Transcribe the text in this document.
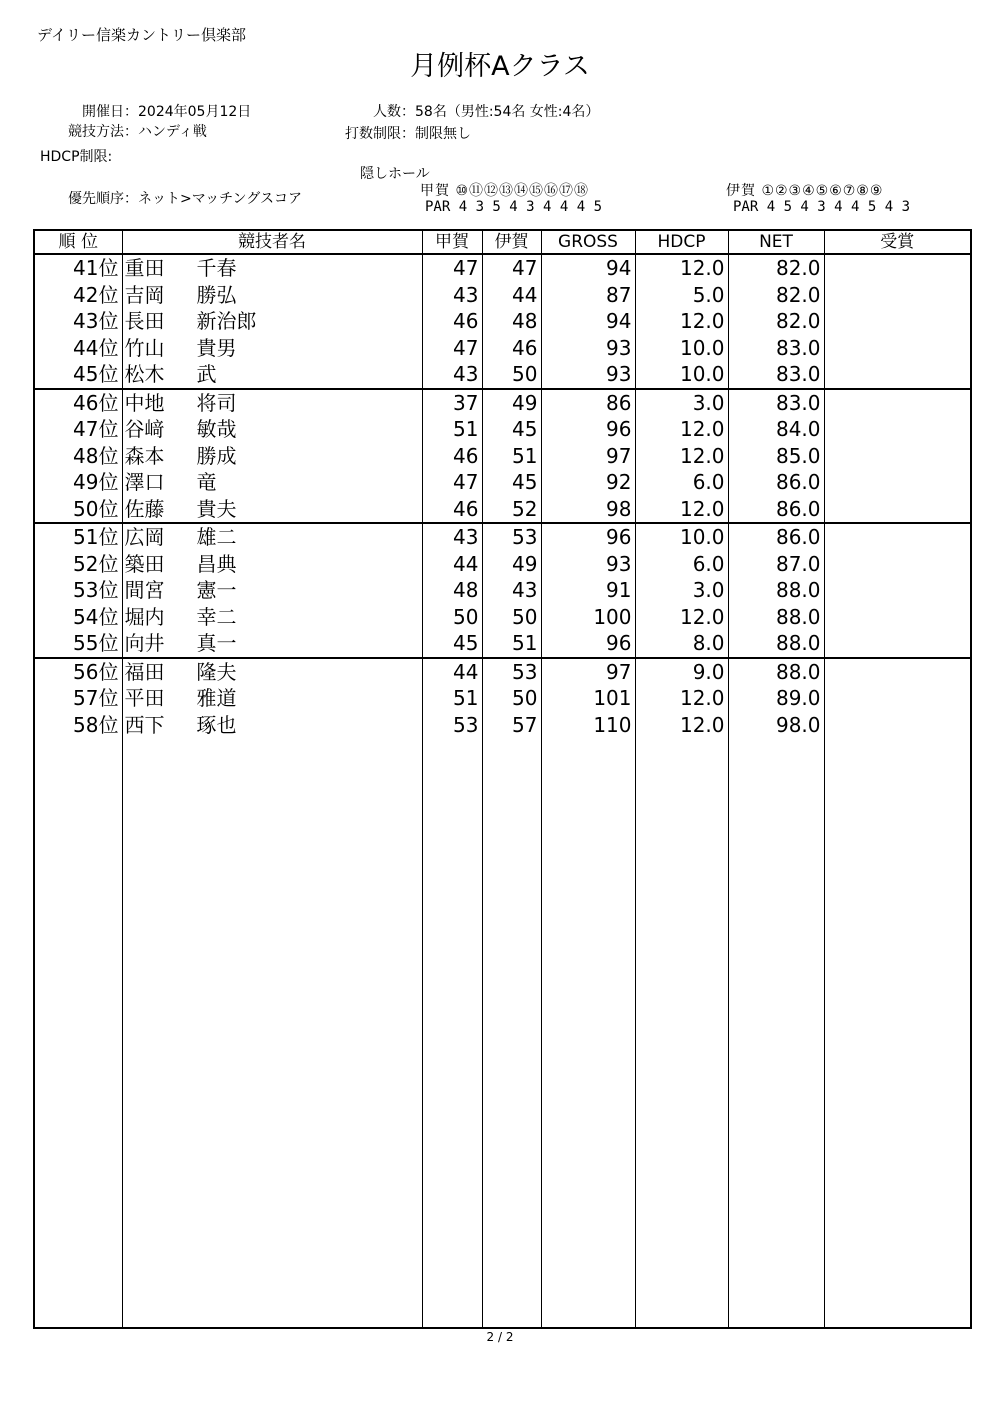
デイリー信楽カントリー倶楽部
月例杯Aクラス
開催日：2024年05月12日	人数：58名（男性:54名 女性:4名）
競技方法：ハンディ戦	打数制限：制限無し
HDCP制限:
隠しホール
優先順序：ネット>マッチングスコア	甲賀 ⑩⑪⑫⑬⑭⑮⑯⑰⑱
PAR 4 3 5 4 3 4 4 4 5
伊賀 ①②③④⑤⑥⑦⑧⑨
PAR 4 5 4 3 4 4 5 4 3
順 位	競技者名	甲賀	伊賀	GROSS	HDCP	NET	受賞
41位	重田 千春	47	47	94	12.0	82.0	
42位	吉岡 勝弘	43	44	87	5.0	82.0	
43位	長田 新治郎	46	48	94	12.0	82.0	
44位	竹山 貴男	47	46	93	10.0	83.0	
45位	松木 武	43	50	93	10.0	83.0	
46位	中地 将司	37	49	86	3.0	83.0	
47位	谷﨑 敏哉	51	45	96	12.0	84.0	
48位	森本 勝成	46	51	97	12.0	85.0	
49位	澤口 竜	47	45	92	6.0	86.0	
50位	佐藤 貴夫	46	52	98	12.0	86.0	
51位	広岡 雄二	43	53	96	10.0	86.0	
52位	築田 昌典	44	49	93	6.0	87.0	
53位	間宮 憲一	48	43	91	3.0	88.0	
54位	堀内 幸二	50	50	100	12.0	88.0	
55位	向井 真一	45	51	96	8.0	88.0	
56位	福田 隆夫	44	53	97	9.0	88.0	
57位	平田 雅道	51	50	101	12.0	89.0	
58位	西下 琢也	53	57	110	12.0	98.0	

2 / 2
